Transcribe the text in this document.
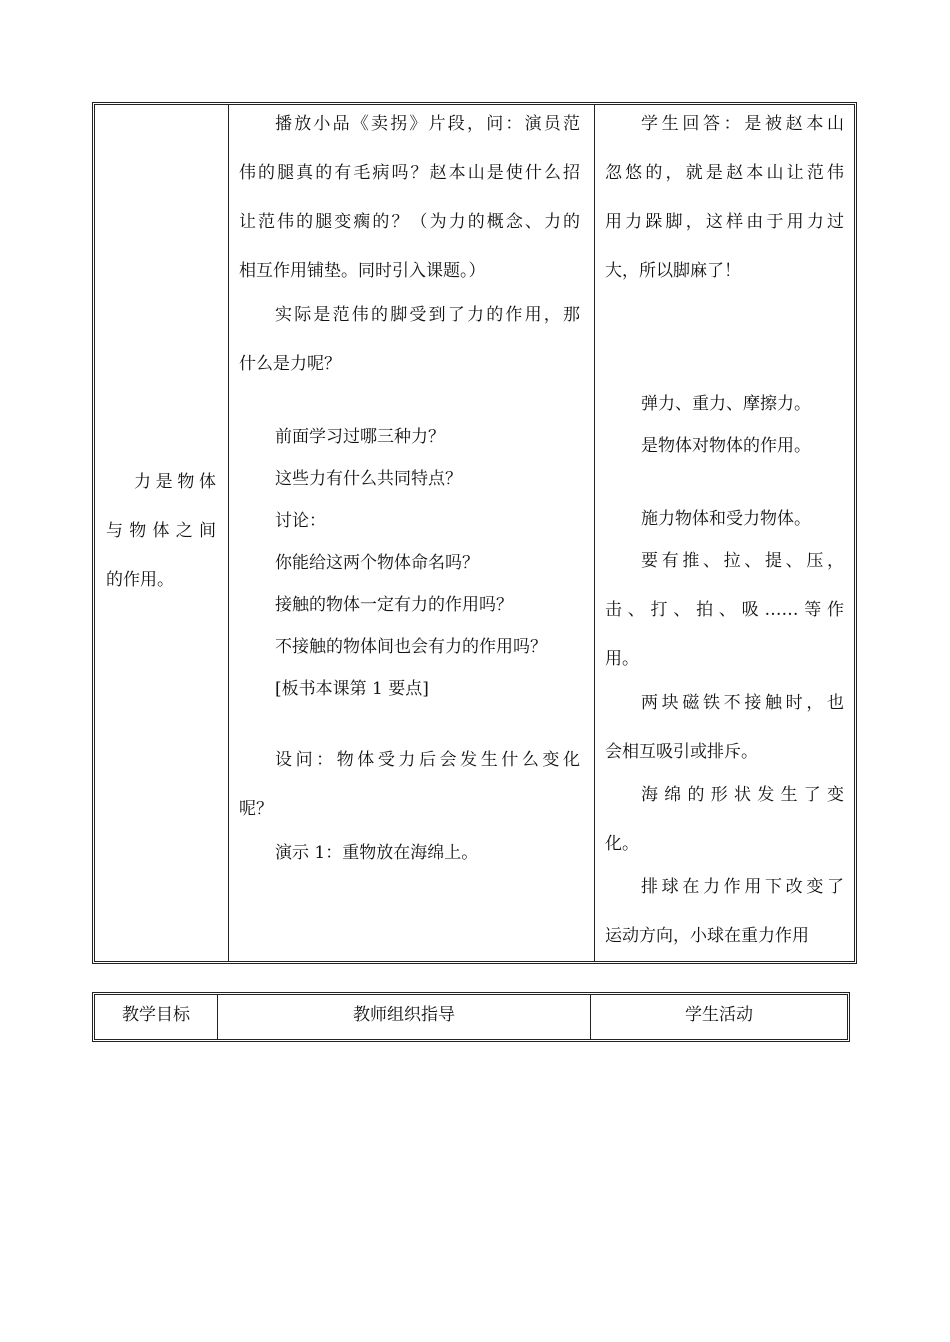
力是物体
与物体之间
的作用。
播放小品《卖拐》片段，问：演员范
伟的腿真的有毛病吗？赵本山是使什么招
让范伟的腿变瘸的？（为力的概念、力的
相互作用铺垫。同时引入课题。）
实际是范伟的脚受到了力的作用，那
什么是力呢？
前面学习过哪三种力？
这些力有什么共同特点？
讨论：
你能给这两个物体命名吗？
接触的物体一定有力的作用吗？
不接触的物体间也会有力的作用吗？
[板书本课第 1 要点]
设问：物体受力后会发生什么变化
呢？
演示 1：重物放在海绵上。
学生回答：是被赵本山
忽悠的，就是赵本山让范伟
用力跺脚，这样由于用力过
大，所以脚麻了！
弹力、重力、摩擦力。
是物体对物体的作用。
施力物体和受力物体。
要有推、拉、提、压，
击、打、拍、吸……等作
用。
两块磁铁不接触时，也
会相互吸引或排斥。
海绵的形状发生了变
化。
排球在力作用下改变了
运动方向，小球在重力作用
教学目标	教师组织指导	学生活动
